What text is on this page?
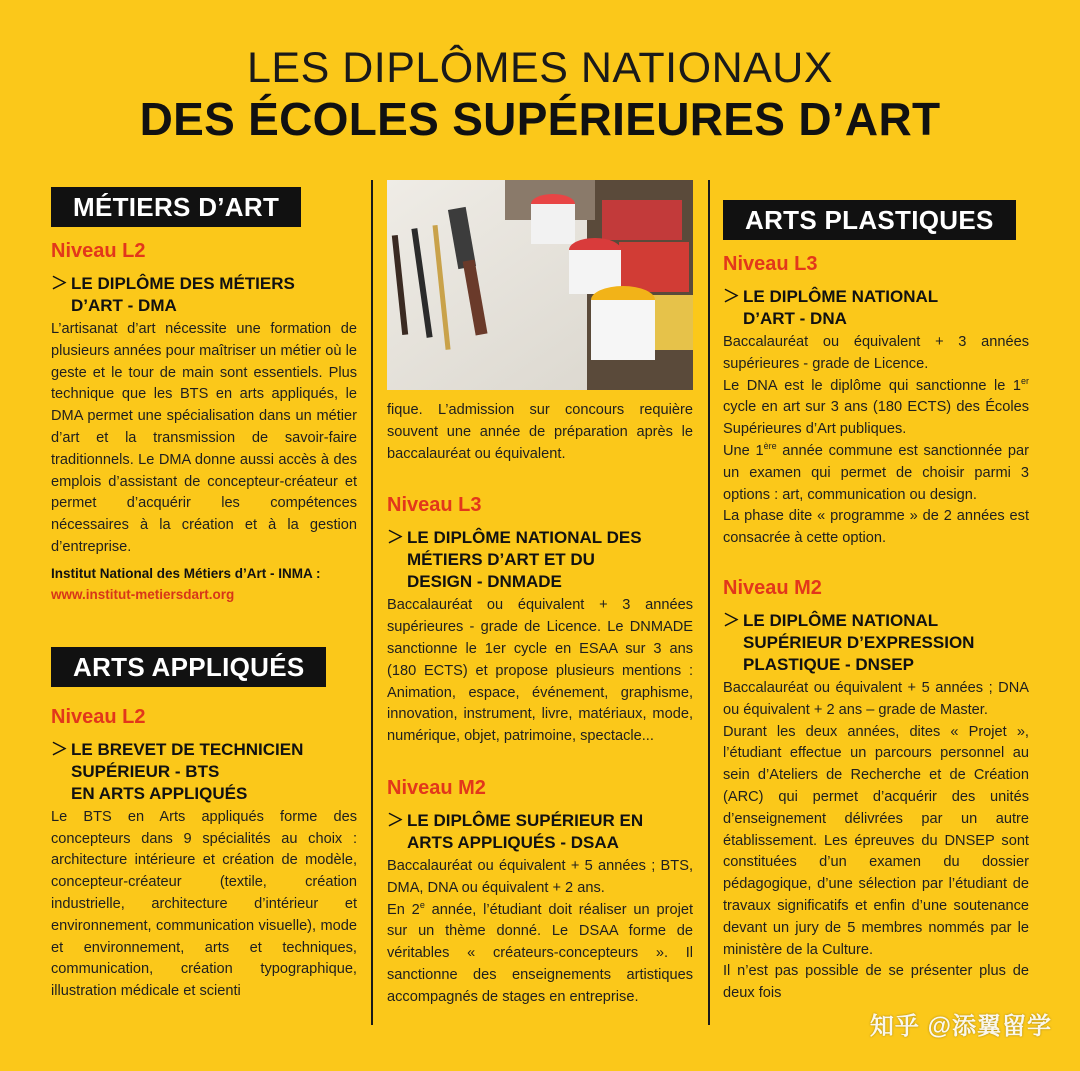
LES DIPLÔMES NATIONAUX
DES ÉCOLES SUPÉRIEURES D’ART
MÉTIERS D’ART
Niveau L2
＞ LE DIPLÔME DES MÉTIERS
D’ART - DMA

L’artisanat d’art nécessite une formation de plusieurs années pour maîtriser un métier où le geste et le tour de main sont essentiels. Plus technique que les BTS en arts appliqués, le DMA permet une spécialisation dans un métier d’art et la transmission de savoir-faire traditionnels. Le DMA donne aussi accès à des emplois d’assistant de concepteur-créateur et permet d’acquérir les compétences nécessaires à la création et à la gestion d’entreprise.

Institut National des Métiers d’Art - INMA :
www.institut-metiersdart.org
ARTS APPLIQUÉS
Niveau L2
＞ LE BREVET DE TECHNICIEN
SUPÉRIEUR - BTS
EN ARTS APPLIQUÉS

Le BTS en Arts appliqués forme des concepteurs dans 9 spécialités au choix : architecture intérieure et création de modèle, concepteur-créateur (textile, création industrielle, architecture d’intérieur et environnement, communication visuelle), mode et environnement, arts et techniques, communication, création typographique, illustration médicale et scienti

fique. L’admission sur concours requière souvent une année de préparation après le baccalauréat ou équivalent.

Niveau L3
＞ LE DIPLÔME NATIONAL DES
MÉTIERS D’ART ET DU
DESIGN - DNMADE

Baccalauréat ou équivalent + 3 années supérieures - grade de Licence. Le DNMADE sanctionne le 1er cycle en ESAA sur 3 ans (180 ECTS) et propose plusieurs mentions : Animation, espace, événement, graphisme, innovation, instrument, livre, matériaux, mode, numérique, objet, patrimoine, spectacle...

Niveau M2
＞ LE DIPLÔME SUPÉRIEUR EN
ARTS APPLIQUÉS - DSAA

Baccalauréat ou équivalent + 5 années ; BTS, DMA, DNA ou équivalent + 2 ans.

En 2e année, l’étudiant doit réaliser un projet sur un thème donné. Le DSAA forme de véritables « créateurs-concepteurs ». Il sanctionne des enseignements artistiques accompagnés de stages en entreprise.

ARTS PLASTIQUES
Niveau L3
＞ LE DIPLÔME NATIONAL
D’ART - DNA

Baccalauréat ou équivalent + 3 années supérieures - grade de Licence.

Le DNA est le diplôme qui sanctionne le 1er cycle en art sur 3 ans (180 ECTS) des Écoles Supérieures d’Art publiques.

Une 1ère année commune est sanctionnée par un examen qui permet de choisir parmi 3 options : art, communication ou design.

La phase dite « programme » de 2 années est consacrée à cette option.

Niveau M2
＞ LE DIPLÔME NATIONAL
SUPÉRIEUR D’EXPRESSION
PLASTIQUE - DNSEP

Baccalauréat ou équivalent + 5 années ; DNA ou équivalent + 2 ans – grade de Master.

Durant les deux années, dites « Projet », l’étudiant effectue un parcours personnel au sein d’Ateliers de Recherche et de Création (ARC) qui permet d’acquérir des unités d’enseignement délivrées par un autre établissement. Les épreuves du DNSEP sont constituées d’un examen du dossier pédagogique, d’une sélection par l’étudiant de travaux significatifs et enfin d’une soutenance devant un jury de 5 membres nommés par le ministère de la Culture.

Il n’est pas possible de se présenter plus de deux fois

知乎 @添翼留学
